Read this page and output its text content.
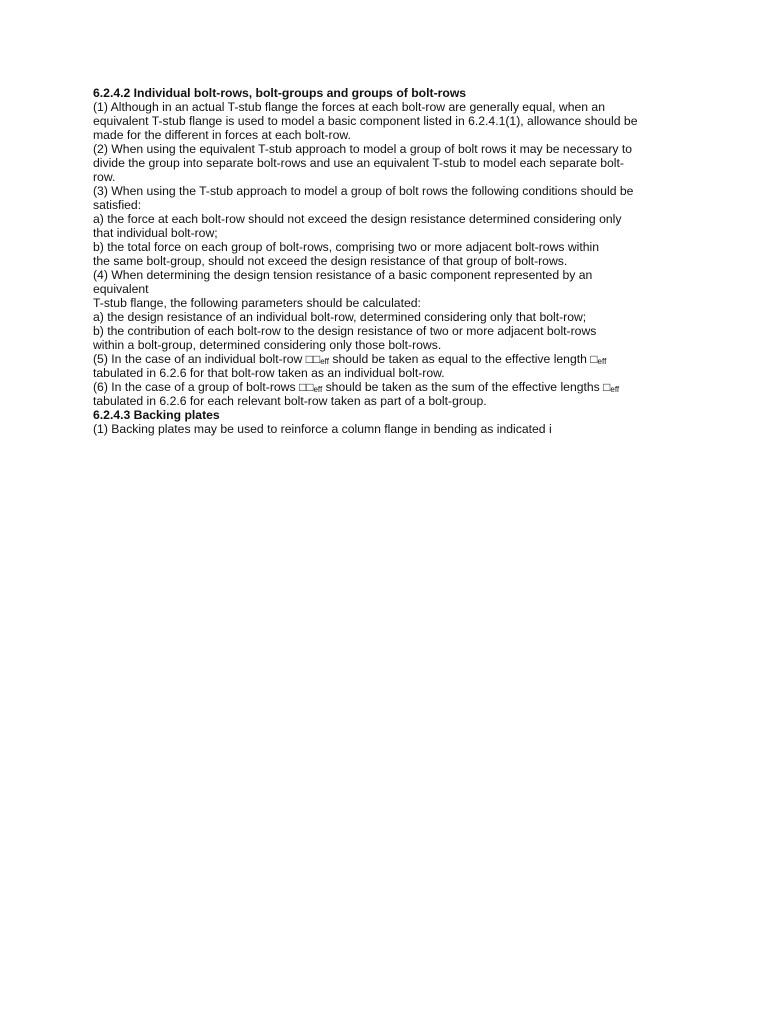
6.2.4.2 Individual bolt-rows, bolt-groups and groups of bolt-rows
(1) Although in an actual T-stub flange the forces at each bolt-row are generally equal, when an
equivalent T-stub flange is used to model a basic component listed in 6.2.4.1(1), allowance should be
made for the different in forces at each bolt-row.
(2) When using the equivalent T-stub approach to model a group of bolt rows it may be necessary to
divide the group into separate bolt-rows and use an equivalent T-stub to model each separate bolt-
row.
(3) When using the T-stub approach to model a group of bolt rows the following conditions should be
satisfied:
a) the force at each bolt-row should not exceed the design resistance determined considering only
that individual bolt-row;
b) the total force on each group of bolt-rows, comprising two or more adjacent bolt-rows within
the same bolt-group, should not exceed the design resistance of that group of bolt-rows.
(4) When determining the design tension resistance of a basic component represented by an
equivalent
T-stub flange, the following parameters should be calculated:
a) the design resistance of an individual bolt-row, determined considering only that bolt-row;
b) the contribution of each bolt-row to the design resistance of two or more adjacent bolt-rows
within a bolt-group, determined considering only those bolt-rows.
(5) In the case of an individual bolt-row □□eff should be taken as equal to the effective length □eff
tabulated in 6.2.6 for that bolt-row taken as an individual bolt-row.
(6) In the case of a group of bolt-rows □□eff should be taken as the sum of the effective lengths □eff
tabulated in 6.2.6 for each relevant bolt-row taken as part of a bolt-group.
6.2.4.3 Backing plates
(1) Backing plates may be used to reinforce a column flange in bending as indicated i
